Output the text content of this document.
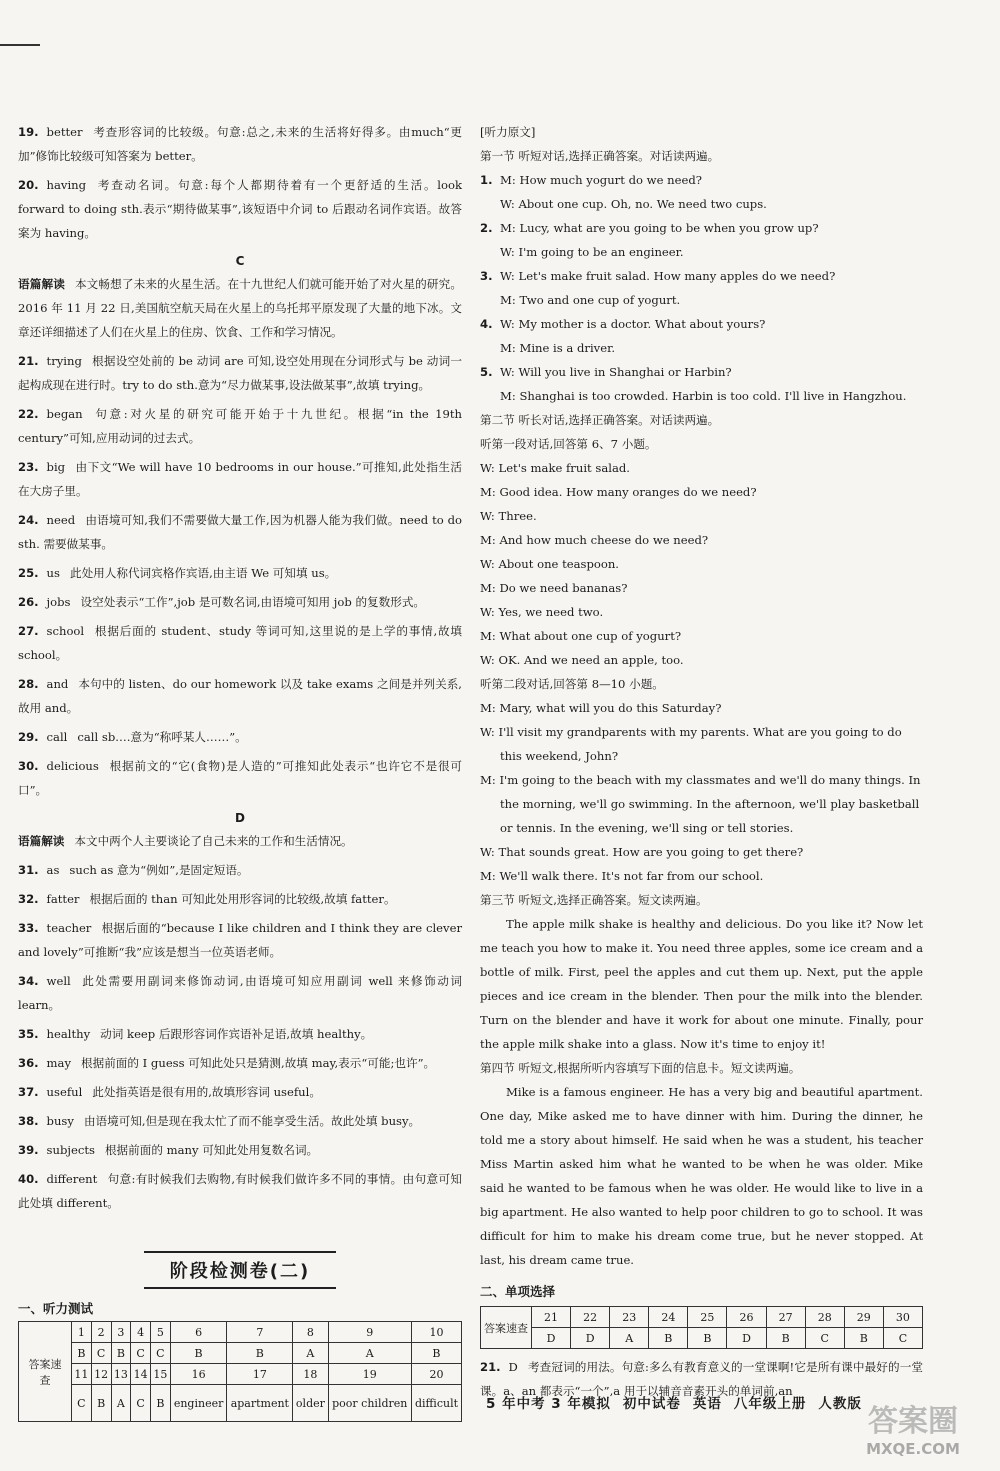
19. better 考查形容词的比较级。句意:总之,未来的生活将好得多。由much“更加”修饰比较级可知答案为 better。

20. having 考查动名词。句意:每个人都期待着有一个更舒适的生活。look forward to doing sth.表示“期待做某事”,该短语中介词 to 后跟动名词作宾语。故答案为 having。

C

语篇解读 本文畅想了未来的火星生活。在十九世纪人们就可能开始了对火星的研究。2016 年 11 月 22 日,美国航空航天局在火星上的乌托邦平原发现了大量的地下冰。文章还详细描述了人们在火星上的住房、饮食、工作和学习情况。

21. trying 根据设空处前的 be 动词 are 可知,设空处用现在分词形式与 be 动词一起构成现在进行时。try to do sth.意为“尽力做某事,设法做某事”,故填 trying。

22. began 句意:对火星的研究可能开始于十九世纪。根据“in the 19th century”可知,应用动词的过去式。

23. big 由下文“We will have 10 bedrooms in our house.”可推知,此处指生活在大房子里。

24. need 由语境可知,我们不需要做大量工作,因为机器人能为我们做。need to do sth. 需要做某事。

25. us 此处用人称代词宾格作宾语,由主语 We 可知填 us。

26. jobs 设空处表示“工作”,job 是可数名词,由语境可知用 job 的复数形式。

27. school 根据后面的 student、study 等词可知,这里说的是上学的事情,故填 school。

28. and 本句中的 listen、do our homework 以及 take exams 之间是并列关系,故用 and。

29. call call sb.…意为“称呼某人……”。

30. delicious 根据前文的“它(食物)是人造的”可推知此处表示“也许它不是很可口”。

D

语篇解读 本文中两个人主要谈论了自己未来的工作和生活情况。

31. as such as 意为“例如”,是固定短语。

32. fatter 根据后面的 than 可知此处用形容词的比较级,故填 fatter。

33. teacher 根据后面的“because I like children and I think they are clever and lovely”可推断“我”应该是想当一位英语老师。

34. well 此处需要用副词来修饰动词,由语境可知应用副词 well 来修饰动词 learn。

35. healthy 动词 keep 后跟形容词作宾语补足语,故填 healthy。

36. may 根据前面的 I guess 可知此处只是猜测,故填 may,表示“可能;也许”。

37. useful 此处指英语是很有用的,故填形容词 useful。

38. busy 由语境可知,但是现在我太忙了而不能享受生活。故此处填 busy。

39. subjects 根据前面的 many 可知此处用复数名词。

40. different 句意:有时候我们去购物,有时候我们做许多不同的事情。由句意可知此处填 different。

阶段检测卷(二)
一、听力测试
答案速查	1	2	3	4	5	6	7	8	9	10
	B	C	B	C	C	B	B	A	A	B
	11	12	13	14	15	16	17	18	19	20
	C	B	A	C	B	engineer	apartment	older	poor children	difficult

[听力原文]

第一节 听短对话,选择正确答案。对话读两遍。

1. M: How much yogurt do we need?

W: About one cup. Oh, no. We need two cups.

2. M: Lucy, what are you going to be when you grow up?

W: I'm going to be an engineer.

3. W: Let's make fruit salad. How many apples do we need?

M: Two and one cup of yogurt.

4. W: My mother is a doctor. What about yours?

M: Mine is a driver.

5. W: Will you live in Shanghai or Harbin?

M: Shanghai is too crowded. Harbin is too cold. I'll live in Hangzhou.

第二节 听长对话,选择正确答案。对话读两遍。

听第一段对话,回答第 6、7 小题。

W: Let's make fruit salad.

M: Good idea. How many oranges do we need?

W: Three.

M: And how much cheese do we need?

W: About one teaspoon.

M: Do we need bananas?

W: Yes, we need two.

M: What about one cup of yogurt?

W: OK. And we need an apple, too.

听第二段对话,回答第 8—10 小题。

M: Mary, what will you do this Saturday?

W: I'll visit my grandparents with my parents. What are you going to do this weekend, John?

M: I'm going to the beach with my classmates and we'll do many things. In the morning, we'll go swimming. In the afternoon, we'll play basketball or tennis. In the evening, we'll sing or tell stories.

W: That sounds great. How are you going to get there?

M: We'll walk there. It's not far from our school.

第三节 听短文,选择正确答案。短文读两遍。

The apple milk shake is healthy and delicious. Do you like it? Now let me teach you how to make it. You need three apples, some ice cream and a bottle of milk. First, peel the apples and cut them up. Next, put the apple pieces and ice cream in the blender. Then pour the milk into the blender. Turn on the blender and have it work for about one minute. Finally, pour the apple milk shake into a glass. Now it's time to enjoy it!

第四节 听短文,根据所听内容填写下面的信息卡。短文读两遍。

Mike is a famous engineer. He has a very big and beautiful apartment. One day, Mike asked me to have dinner with him. During the dinner, he told me a story about himself. He said when he was a student, his teacher Miss Martin asked him what he wanted to be when he was older. Mike said he wanted to be famous when he was older. He would like to live in a big apartment. He also wanted to help poor children to go to school. It was difficult for him to make his dream come true, but he never stopped. At last, his dream came true.

二、单项选择
答案速查	21	22	23	24	25	26	27	28	29	30
	D	D	A	B	B	D	B	C	B	C

21. D 考查冠词的用法。句意:多么有教育意义的一堂课啊!它是所有课中最好的一堂课。a、an 都表示“一个”,a 用于以辅音音素开头的单词前,an

5 年中考 3 年模拟 初中试卷 英语 八年级上册 人教版 答案圈
MXQE.COM
